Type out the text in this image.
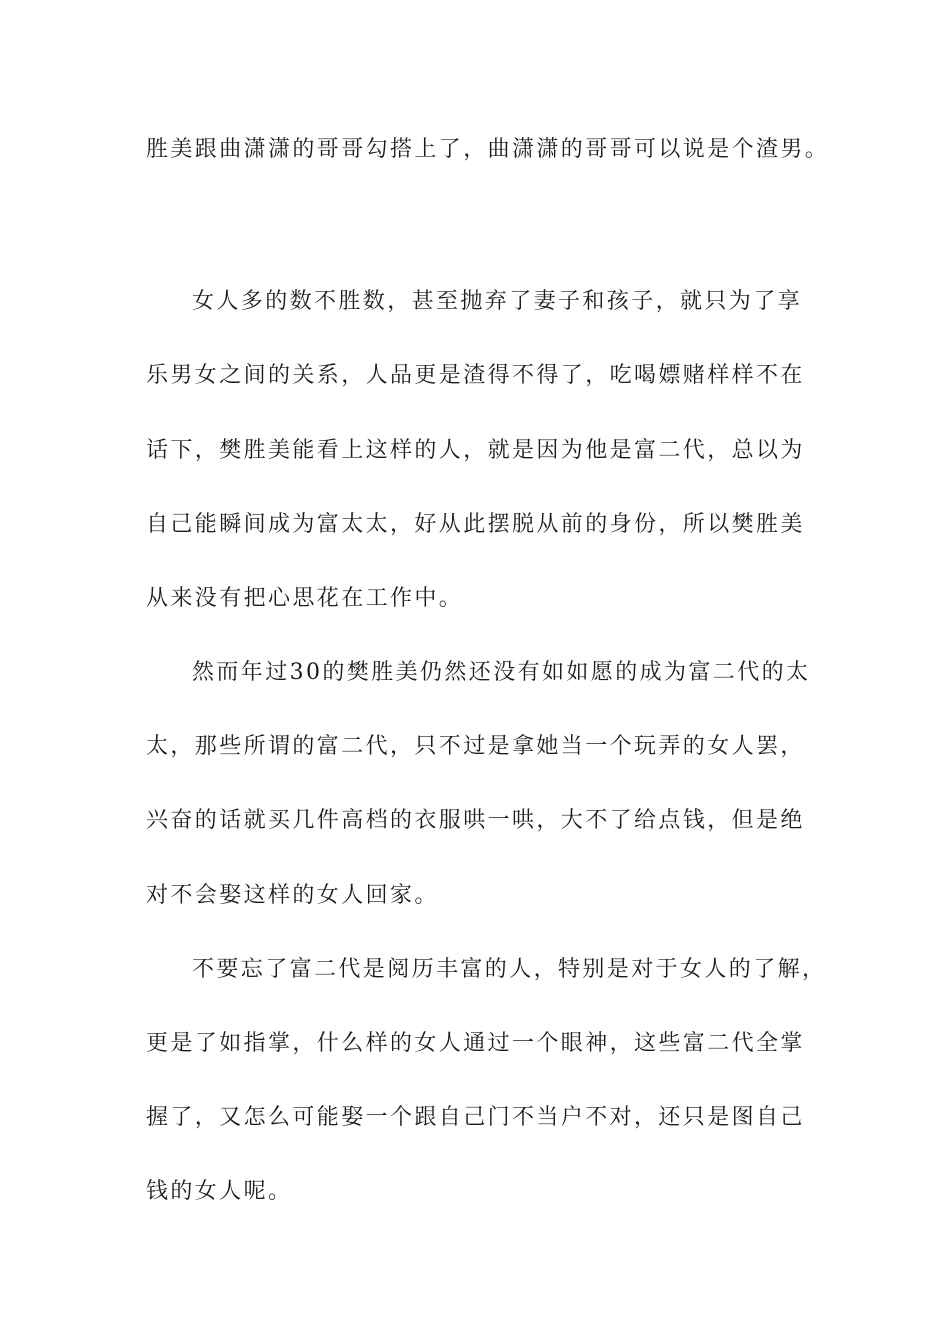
胜美跟曲潇潇的哥哥勾搭上了，曲潇潇的哥哥可以说是个渣男。
女人多的数不胜数，甚至抛弃了妻子和孩子，就只为了享
乐男女之间的关系，人品更是渣得不得了，吃喝嫖赌样样不在
话下，樊胜美能看上这样的人，就是因为他是富二代，总以为
自己能瞬间成为富太太，好从此摆脱从前的身份，所以樊胜美
从来没有把心思花在工作中。
然而年过30的樊胜美仍然还没有如如愿的成为富二代的太
太，那些所谓的富二代，只不过是拿她当一个玩弄的女人罢，
兴奋的话就买几件高档的衣服哄一哄，大不了给点钱，但是绝
对不会娶这样的女人回家。
不要忘了富二代是阅历丰富的人，特别是对于女人的了解，
更是了如指掌，什么样的女人通过一个眼神，这些富二代全掌
握了，又怎么可能娶一个跟自己门不当户不对，还只是图自己
钱的女人呢。
